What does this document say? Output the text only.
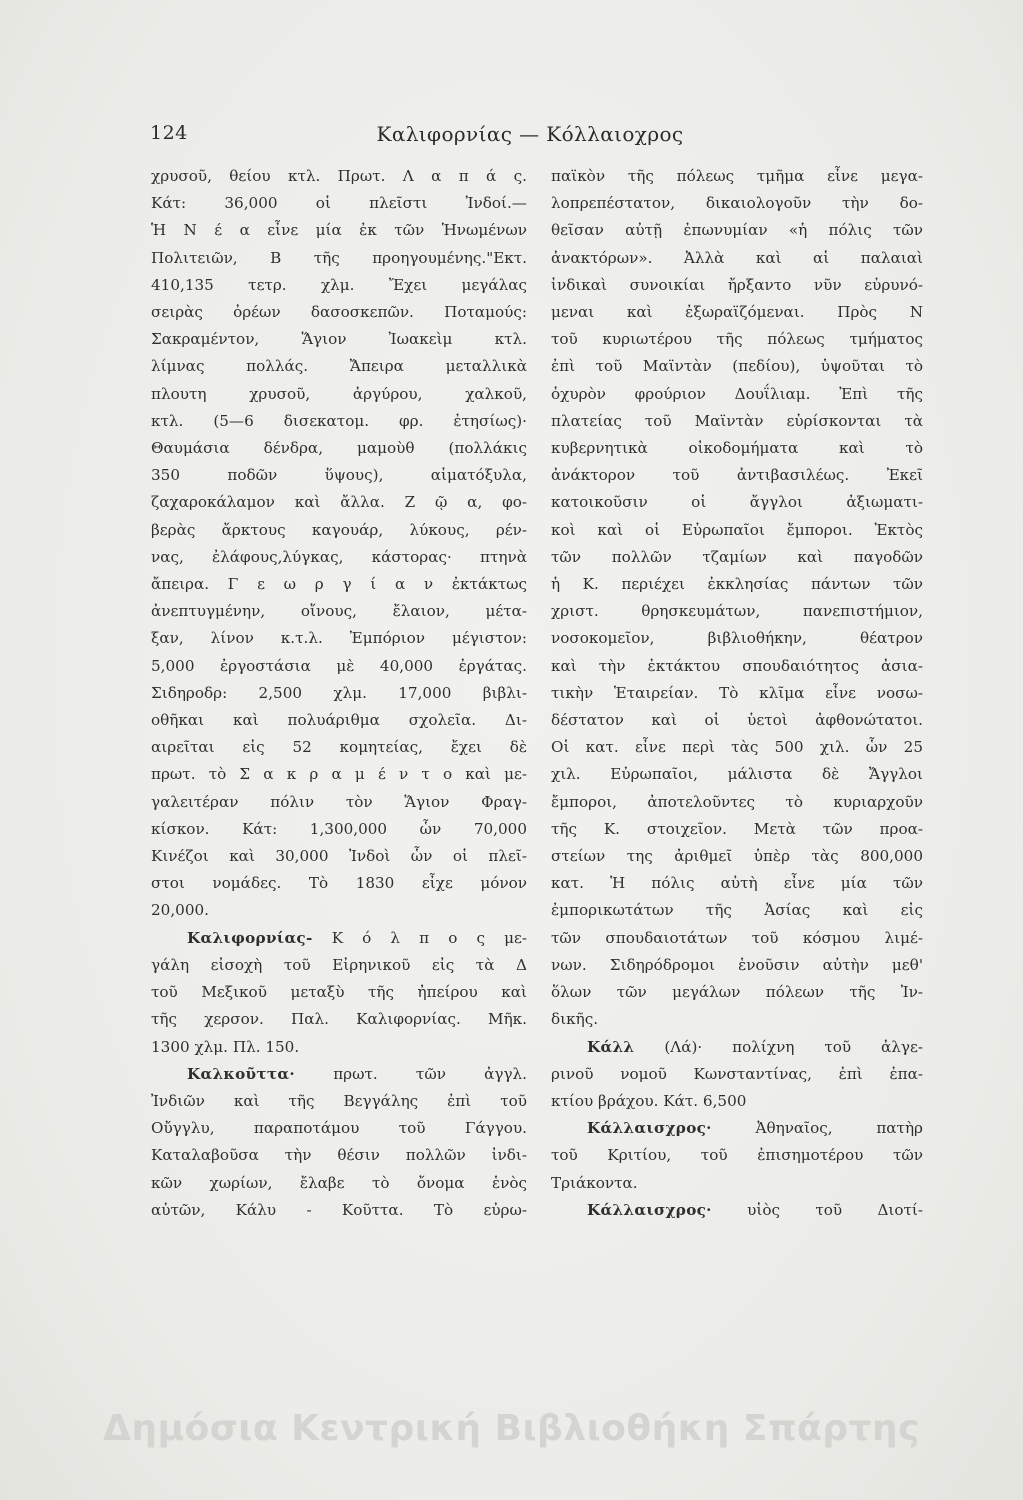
124	Καλιφορνίας — Κόλλαιοχρος
χρυσοῦ, θείου κτλ. Πρωτ. Λ α π ά ς.
Κάτ: 36,000 οἱ πλεῖστι Ἰνδοί.—
Ἡ Ν έ α εἶνε μία ἐκ τῶν Ἡνωμένων
Πολιτειῶν, Β τῆς προηγουμένης."Εκτ.
410,135 τετρ. χλμ. Ἔχει μεγάλας
σειρὰς ὀρέων δασοσκεπῶν. Ποταμούς:
Σακραμέντον, Ἅγιον Ἰωακεὶμ κτλ.
λίμνας πολλάς. Ἄπειρα μεταλλικὰ
πλουτη χρυσοῦ, ἀργύρου, χαλκοῦ,
κτλ. (5—6 δισεκατομ. φρ. ἐτησίως)·
Θαυμάσια δένδρα, μαμοὺθ (πολλάκις
350 ποδῶν ὕψους), αἱματόξυλα,
ζαχαροκάλαμον καὶ ἄλλα. Ζ ῷ α, φο-
βερὰς ἄρκτους καγουάρ, λύκους, ρέν-
νας, ἐλάφους,λύγκας, κάστορας· πτηνὰ
ἄπειρα. Γ ε ω ρ γ ί α ν ἐκτάκτως
ἀνεπτυγμένην, οἴνους, ἔλαιον, μέτα-
ξαν, λίνον κ.τ.λ. Ἐμπόριον μέγιστον:
5,000 ἐργοστάσια μὲ 40,000 ἐργάτας.
Σιδηροδρ: 2,500 χλμ. 17,000 βιβλι-
οθῆκαι καὶ πολυάριθμα σχολεῖα. Δι-
αιρεῖται εἰς 52 κομητείας, ἔχει δὲ
πρωτ. τὸ Σ α κ ρ α μ έ ν τ ο καὶ με-
γαλειτέραν πόλιν τὸν Ἅγιον Φραγ-
κίσκον. Κάτ: 1,300,000 ὧν 70,000
Κινέζοι καὶ 30,000 Ἰνδοὶ ὧν οἱ πλεῖ-
στοι νομάδες. Τὸ 1830 εἶχε μόνον
20,000.
Καλιφορνίας- Κ ό λ π ο ς με-
γάλη εἰσοχὴ τοῦ Εἰρηνικοῦ εἰς τὰ Δ
τοῦ Μεξικοῦ μεταξὺ τῆς ἠπείρου καὶ
τῆς χερσον. Παλ. Καλιφορνίας. Μῆκ.
1300 χλμ. Πλ. 150.
Καλκοῦττα·	πρωτ. τῶν ἀγγλ.
Ἰνδιῶν καὶ τῆς Βεγγάλης ἐπὶ τοῦ
Οὔγγλυ, παραποτάμου τοῦ Γάγγου.
Καταλαβοῦσα τὴν θέσιν πολλῶν ἰνδι-
κῶν χωρίων, ἔλαβε τὸ ὄνομα ἑνὸς
αὐτῶν, Κάλυ - Κοῦττα. Τὸ εὐρω-
παϊκὸν τῆς πόλεως τμῆμα εἶνε μεγα-
λοπρεπέστατον, δικαιολογοῦν τὴν δο-
θεῖσαν αὐτῇ ἐπωνυμίαν «ἡ πόλις τῶν
ἀνακτόρων». Ἀλλὰ καὶ αἱ παλαιαὶ
ἰνδικαὶ συνοικίαι ἤρξαντο νῦν εὐρυνό-
μεναι καὶ ἐξωραϊζόμεναι. Πρὸς Ν
τοῦ κυριωτέρου τῆς πόλεως τμήματος
ἐπὶ τοῦ Μαϊντὰν (πεδίου), ὑψοῦται τὸ
ὀχυρὸν φρούριον Δουΐλιαμ. Ἐπὶ τῆς
πλατείας τοῦ Μαϊντὰν εὑρίσκονται τὰ
κυβερνητικὰ οἰκοδομήματα καὶ τὸ
ἀνάκτορον τοῦ ἀντιβασιλέως. Ἐκεῖ
κατοικοῦσιν οἱ ἄγγλοι ἀξιωματι-
κοὶ καὶ οἱ Εὐρωπαῖοι ἔμποροι. Ἐκτὸς
τῶν πολλῶν τζαμίων καὶ παγοδῶν
ἡ Κ. περιέχει ἐκκλησίας πάντων τῶν
χριστ. θρησκευμάτων, πανεπιστήμιον,
νοσοκομεῖον, βιβλιοθήκην, θέατρον
καὶ τὴν ἐκτάκτου σπουδαιότητος ἀσια-
τικὴν Ἑταιρείαν. Τὸ κλῖμα εἶνε νοσω-
δέστατον καὶ οἱ ὑετοὶ ἀφθονώτατοι.
Οἱ κατ. εἶνε περὶ τὰς 500 χιλ. ὧν 25
χιλ. Εὐρωπαῖοι, μάλιστα δὲ Ἄγγλοι
ἔμποροι, ἀποτελοῦντες τὸ κυριαρχοῦν
τῆς Κ. στοιχεῖον. Μετὰ τῶν προα-
στείων της ἀριθμεῖ ὑπὲρ τὰς 800,000
κατ. Ἡ πόλις αὐτὴ εἶνε μία τῶν
ἐμπορικωτάτων τῆς Ἀσίας καὶ εἰς
τῶν σπουδαιοτάτων τοῦ κόσμου λιμέ-
νων. Σιδηρόδρομοι ἑνοῦσιν αὐτὴν μεθ'
ὅλων τῶν μεγάλων πόλεων τῆς Ἰν-
δικῆς.
Κάλλ (Λά)· πολίχνη τοῦ ἀλγε-
ρινοῦ νομοῦ Κωνσταντίνας, ἐπὶ ἐπα-
κτίου βράχου. Κάτ. 6,500
Κάλλαισχρος·	Ἀθηναῖος, πατὴρ
τοῦ Κριτίου, τοῦ ἐπισημοτέρου τῶν
Τριάκοντα.
Κάλλαισχρος· υἱὸς τοῦ Διοτί-
Δημόσια Κεντρική Βιβλιοθήκη Σπάρτης
